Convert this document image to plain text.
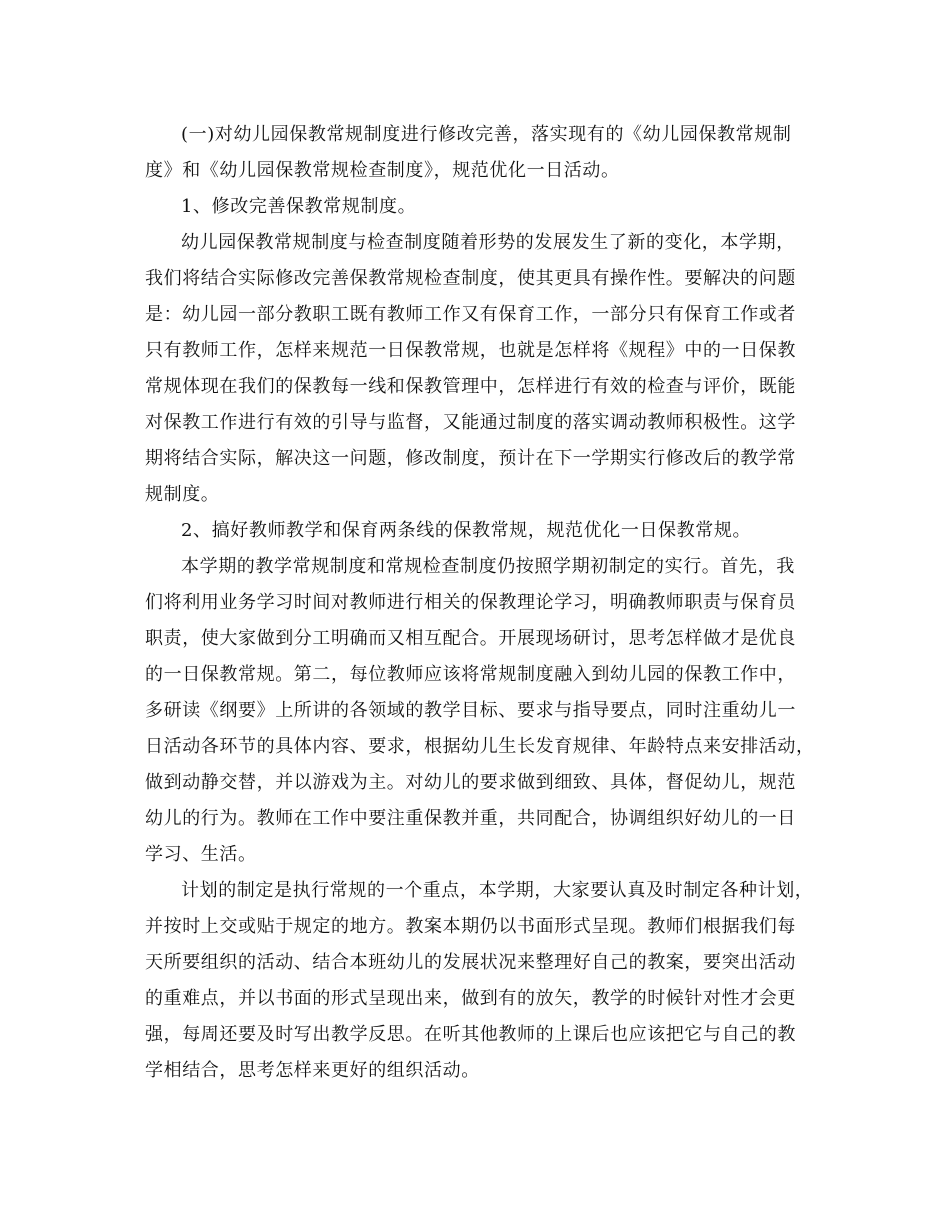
(一)对幼儿园保教常规制度进行修改完善，落实现有的《幼儿园保教常规制
度》和《幼儿园保教常规检查制度》，规范优化一日活动。
1、修改完善保教常规制度。
幼儿园保教常规制度与检查制度随着形势的发展发生了新的变化，本学期，
我们将结合实际修改完善保教常规检查制度，使其更具有操作性。要解决的问题
是：幼儿园一部分教职工既有教师工作又有保育工作，一部分只有保育工作或者
只有教师工作，怎样来规范一日保教常规，也就是怎样将《规程》中的一日保教
常规体现在我们的保教每一线和保教管理中，怎样进行有效的检查与评价，既能
对保教工作进行有效的引导与监督，又能通过制度的落实调动教师积极性。这学
期将结合实际，解决这一问题，修改制度，预计在下一学期实行修改后的教学常
规制度。
2、搞好教师教学和保育两条线的保教常规，规范优化一日保教常规。
本学期的教学常规制度和常规检查制度仍按照学期初制定的实行。首先，我
们将利用业务学习时间对教师进行相关的保教理论学习，明确教师职责与保育员
职责，使大家做到分工明确而又相互配合。开展现场研讨，思考怎样做才是优良
的一日保教常规。第二，每位教师应该将常规制度融入到幼儿园的保教工作中，
多研读《纲要》上所讲的各领域的教学目标、要求与指导要点，同时注重幼儿一
日活动各环节的具体内容、要求，根据幼儿生长发育规律、年龄特点来安排活动，
做到动静交替，并以游戏为主。对幼儿的要求做到细致、具体，督促幼儿，规范
幼儿的行为。教师在工作中要注重保教并重，共同配合，协调组织好幼儿的一日
学习、生活。
计划的制定是执行常规的一个重点，本学期，大家要认真及时制定各种计划，
并按时上交或贴于规定的地方。教案本期仍以书面形式呈现。教师们根据我们每
天所要组织的活动、结合本班幼儿的发展状况来整理好自己的教案，要突出活动
的重难点，并以书面的形式呈现出来，做到有的放矢，教学的时候针对性才会更
强，每周还要及时写出教学反思。在听其他教师的上课后也应该把它与自己的教
学相结合，思考怎样来更好的组织活动。
